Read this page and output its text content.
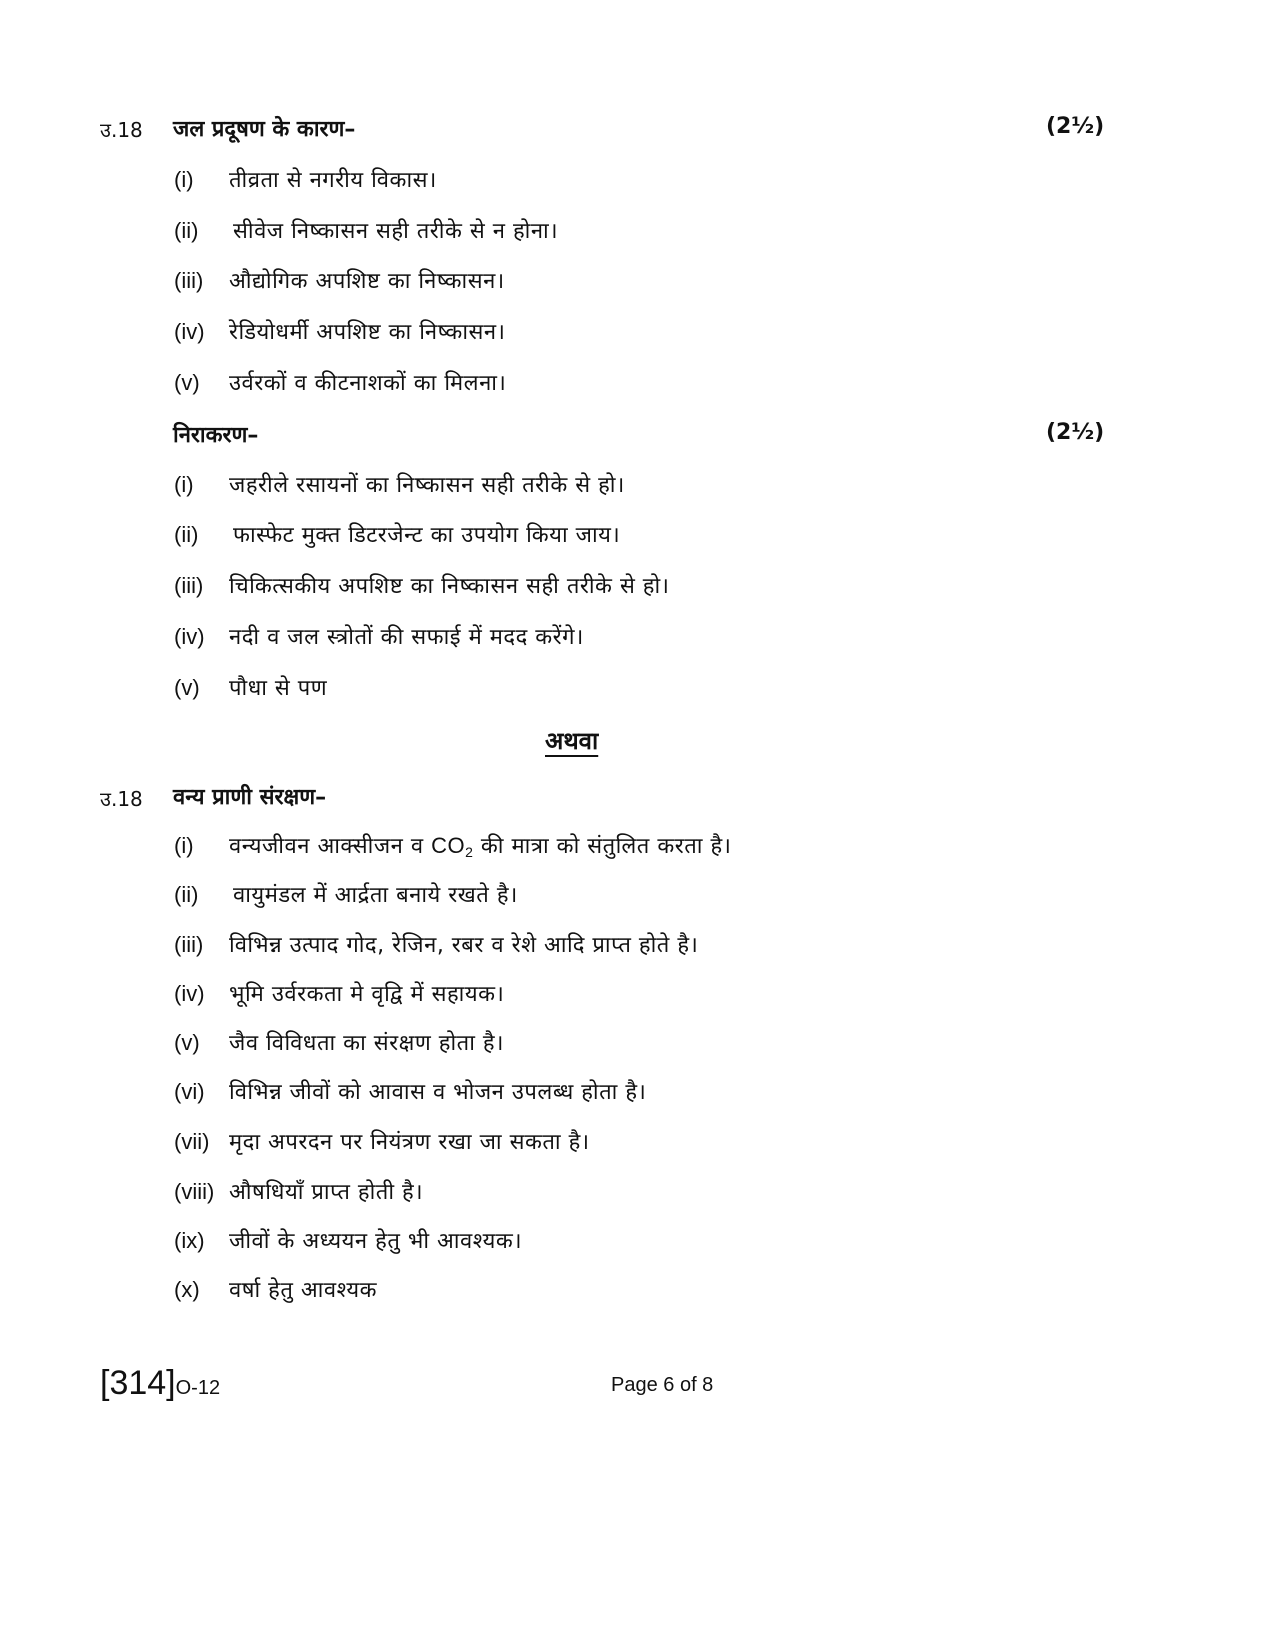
उ.18 जल प्रदूषण के कारण–	(2½)
(i) तीव्रता से नगरीय विकास।
(ii) सीवेज निष्कासन सही तरीके से न होना।
(iii) औद्योगिक अपशिष्ट का निष्कासन।
(iv) रेडियोधर्मी अपशिष्ट का निष्कासन।
(v) उर्वरकों व कीटनाशकों का मिलना।
निराकरण–	(2½)
(i) जहरीले रसायनों का निष्कासन सही तरीके से हो।
(ii) फास्फेट मुक्त डिटरजेन्ट का उपयोग किया जाय।
(iii) चिकित्सकीय अपशिष्ट का निष्कासन सही तरीके से हो।
(iv) नदी व जल स्त्रोतों की सफाई में मदद करेंगे।
(v) पौधा से पण
अथवा
उ.18 वन्य प्राणी संरक्षण–
(i) वन्यजीवन आक्सीजन व $CO_2$ की मात्रा को संतुलित करता है।
(ii) वायुमंडल में आर्द्रता बनाये रखते है।
(iii) विभिन्न उत्पाद गोद, रेजिन, रबर व रेशे आदि प्राप्त होते है।
(iv) भूमि उर्वरकता मे वृद्वि में सहायक।
(v) जैव विविधता का संरक्षण होता है।
(vi) विभिन्न जीवों को आवास व भोजन उपलब्ध होता है।
(vii) मृदा अपरदन पर नियंत्रण रखा जा सकता है।
(viii) औषधियाँ प्राप्त होती है।
(ix) जीवों के अध्ययन हेतु भी आवश्यक।
(x) वर्षा हेतु आवश्यक
[314]O-12	Page 6 of 8
